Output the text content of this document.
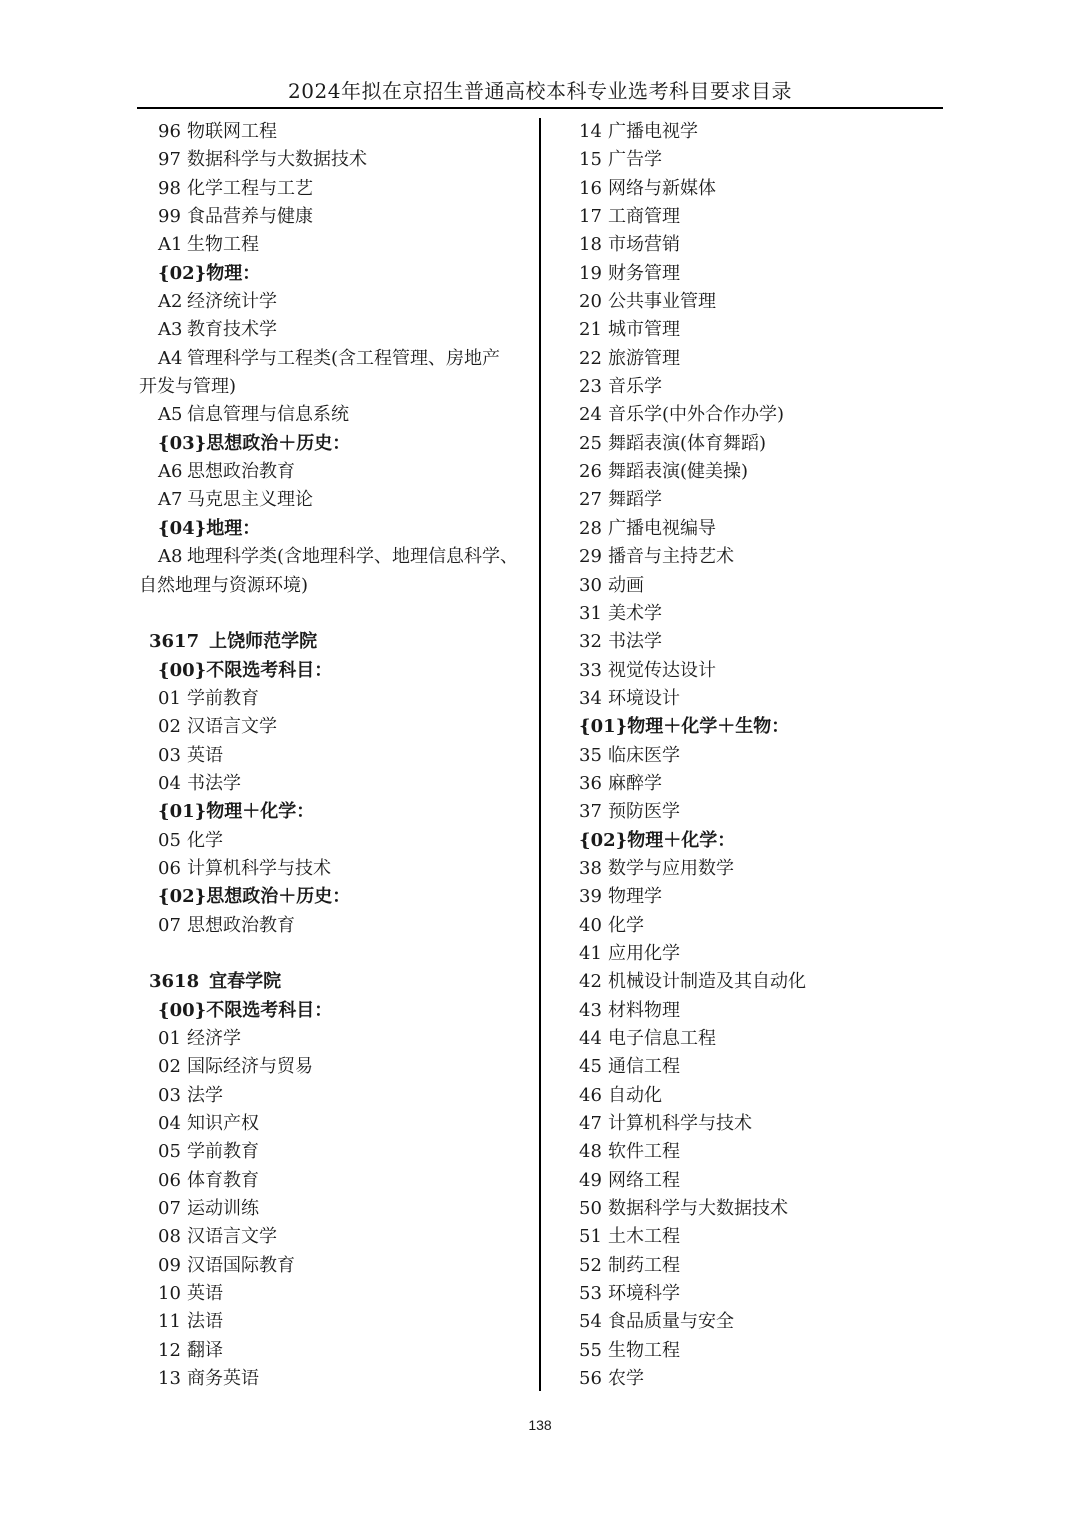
2024年拟在京招生普通高校本科专业选考科目要求目录
96 物联网工程
97 数据科学与大数据技术
98 化学工程与工艺
99 食品营养与健康
A1 生物工程
{02}物理：
A2 经济统计学
A3 教育技术学
A4 管理科学与工程类(含工程管理、房地产
开发与管理)
A5 信息管理与信息系统
{03}思想政治＋历史：
A6 思想政治教育
A7 马克思主义理论
{04}地理：
A8 地理科学类(含地理科学、地理信息科学、
自然地理与资源环境)
3617 上饶师范学院
{00}不限选考科目：
01 学前教育
02 汉语言文学
03 英语
04 书法学
{01}物理＋化学：
05 化学
06 计算机科学与技术
{02}思想政治＋历史：
07 思想政治教育
3618 宜春学院
{00}不限选考科目：
01 经济学
02 国际经济与贸易
03 法学
04 知识产权
05 学前教育
06 体育教育
07 运动训练
08 汉语言文学
09 汉语国际教育
10 英语
11 法语
12 翻译
13 商务英语
14 广播电视学
15 广告学
16 网络与新媒体
17 工商管理
18 市场营销
19 财务管理
20 公共事业管理
21 城市管理
22 旅游管理
23 音乐学
24 音乐学(中外合作办学)
25 舞蹈表演(体育舞蹈)
26 舞蹈表演(健美操)
27 舞蹈学
28 广播电视编导
29 播音与主持艺术
30 动画
31 美术学
32 书法学
33 视觉传达设计
34 环境设计
{01}物理＋化学＋生物：
35 临床医学
36 麻醉学
37 预防医学
{02}物理＋化学：
38 数学与应用数学
39 物理学
40 化学
41 应用化学
42 机械设计制造及其自动化
43 材料物理
44 电子信息工程
45 通信工程
46 自动化
47 计算机科学与技术
48 软件工程
49 网络工程
50 数据科学与大数据技术
51 土木工程
52 制药工程
53 环境科学
54 食品质量与安全
55 生物工程
56 农学
138
